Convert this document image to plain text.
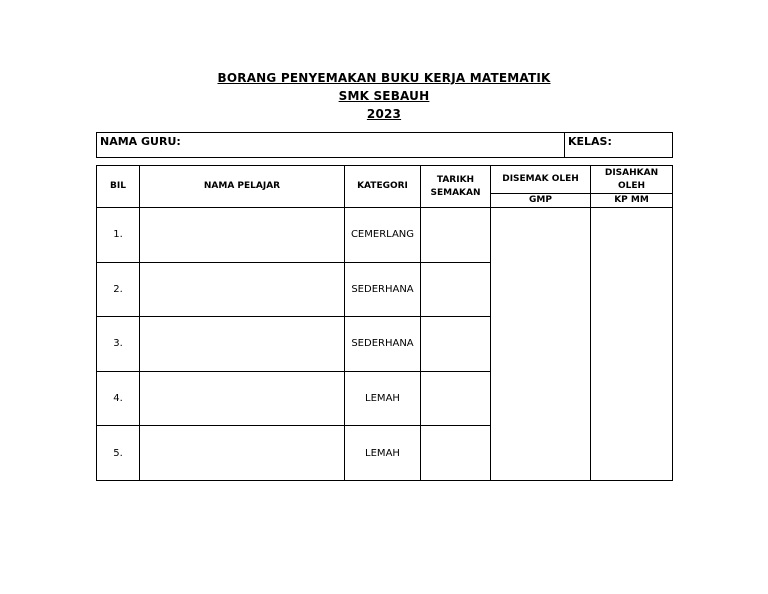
BORANG PENYEMAKAN BUKU KERJA MATEMATIK
SMK SEBAUH
2023
NAMA GURU:	KELAS:
BIL	NAMA PELAJAR	KATEGORI	TARIKH SEMAKAN	DISEMAK OLEH	DISAHKAN OLEH
				GMP	KP MM
1.		CEMERLANG			
2.		SEDERHANA			
3.		SEDERHANA			
4.		LEMAH			
5.		LEMAH			
